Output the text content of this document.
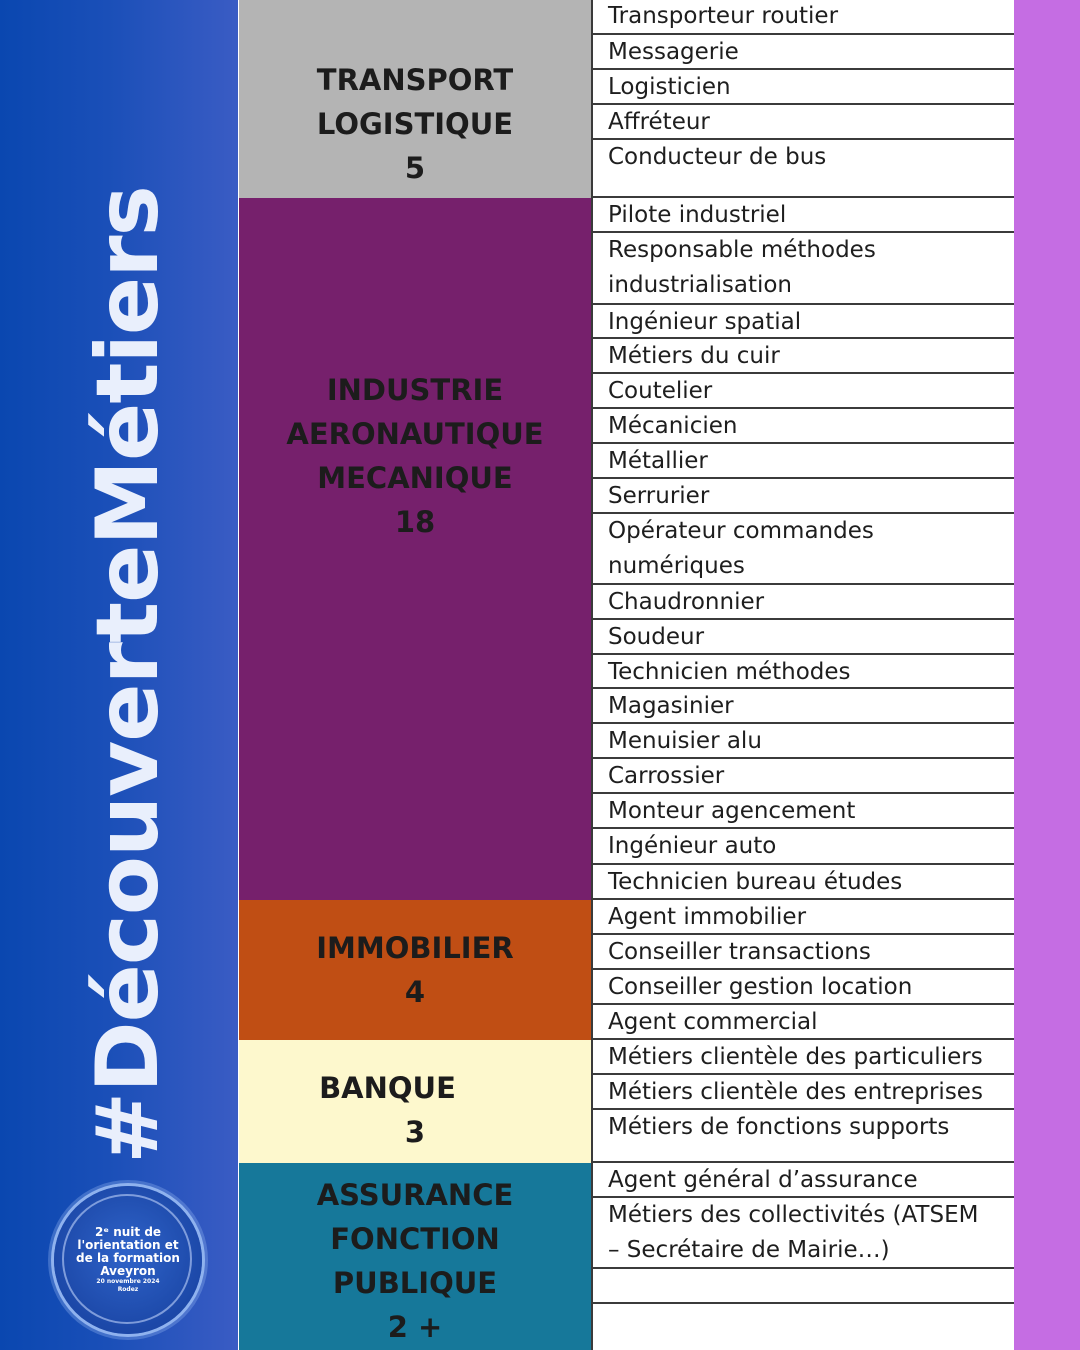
#DécouverteMétiers
2ᵉ nuit de
l'orientation et
de la formation
Aveyron
20 novembre 2024
Rodez
TRANSPORT
LOGISTIQUE
5
INDUSTRIE
AERONAUTIQUE
MECANIQUE
18
IMMOBILIER
4
BANQUE
3
ASSURANCE
FONCTION
PUBLIQUE
2 +
Transporteur routier
Messagerie
Logisticien
Affréteur
Conducteur de bus
Pilote industriel
Responsable méthodes
industrialisation
Ingénieur spatial
Métiers du cuir
Coutelier
Mécanicien
Métallier
Serrurier
Opérateur commandes
numériques
Chaudronnier
Soudeur
Technicien méthodes
Magasinier
Menuisier alu
Carrossier
Monteur agencement
Ingénieur auto
Technicien bureau études
Agent immobilier
Conseiller transactions
Conseiller gestion location
Agent commercial
Métiers clientèle des particuliers
Métiers clientèle des entreprises
Métiers de fonctions supports
Agent général d’assurance
Métiers des collectivités (ATSEM
– Secrétaire de Mairie…)
